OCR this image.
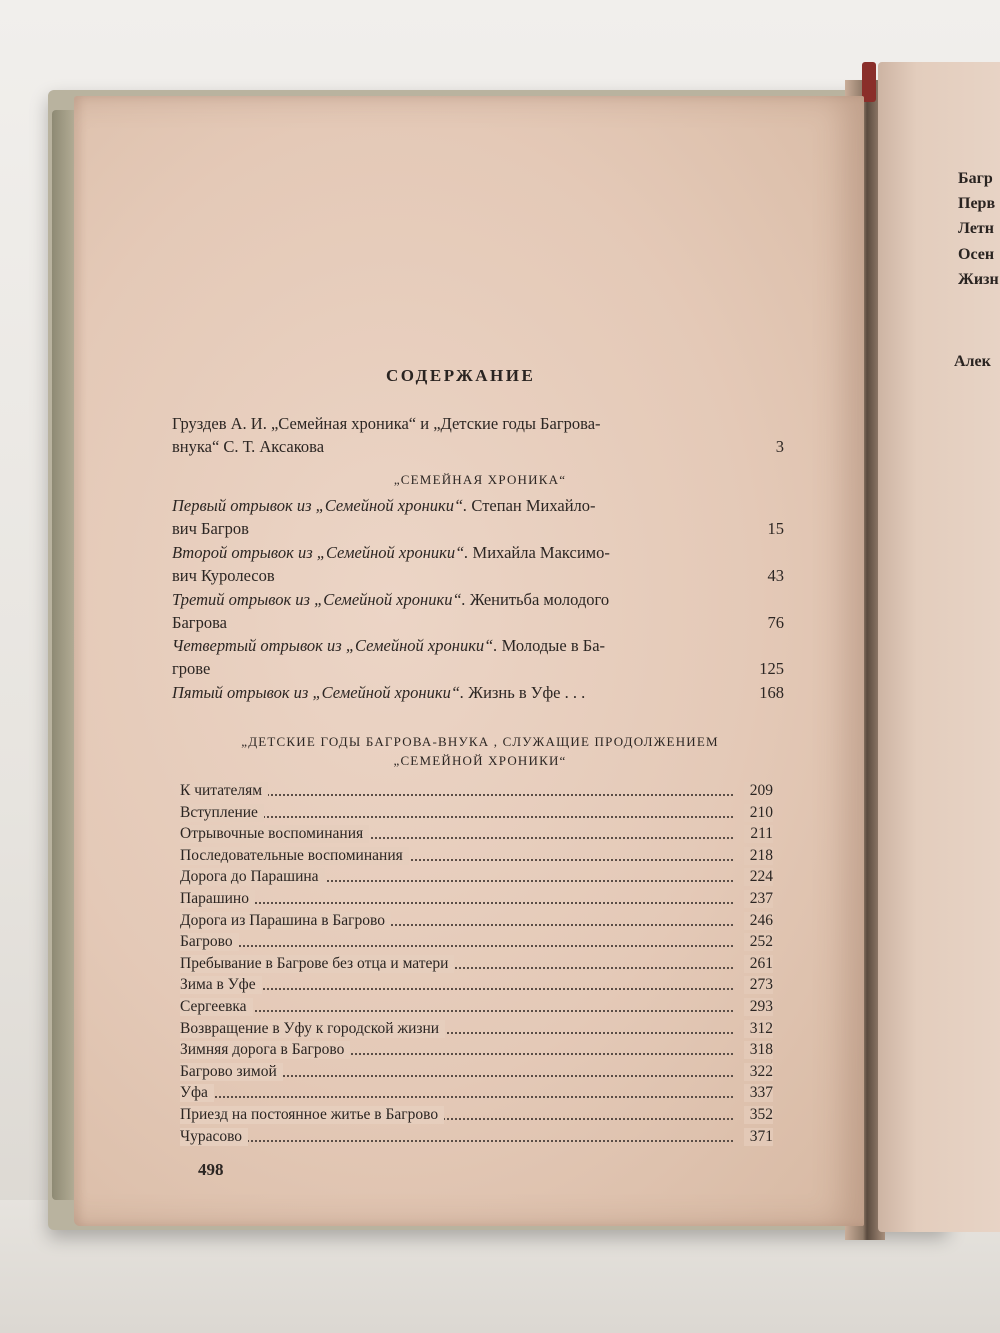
СОДЕРЖАНИЕ
Груздев А. И. „Семейная хроника“ и „Детские годы Багрова-
внука“ С. Т. Аксакова	3
„СЕМЕЙНАЯ ХРОНИКА“
Первый отрывок из „Семейной хроники“. Степан Михайло-
вич Багров	15
Второй отрывок из „Семейной хроники“. Михайла Максимо-
вич Куролесов	43
Третий отрывок из „Семейной хроники“. Женитьба молодого
Багрова	76
Четвертый отрывок из „Семейной хроники“. Молодые в Ба-
грове	125
Пятый отрывок из „Семейной хроники“. Жизнь в Уфе . . .	168
„ДЕТСКИЕ ГОДЫ БАГРОВА-ВНУКА , СЛУЖАЩИЕ ПРОДОЛЖЕНИЕМ
„СЕМЕЙНОЙ ХРОНИКИ“
К читателям	209
Вступление	210
Отрывочные воспоминания	211
Последовательные воспоминания	218
Дорога до Парашина	224
Парашино	237
Дорога из Парашина в Багрово	246
Багрово	252
Пребывание в Багрове без отца и матери	261
Зима в Уфе	273
Сергеевка	293
Возвращение в Уфу к городской жизни	312
Зимняя дорога в Багрово	318
Багрово зимой	322
Уфа	337
Приезд на постоянное житье в Багрово	352
Чурасово	371
498
Багр
Перв
Летн
Осен
Жизн
Алек
